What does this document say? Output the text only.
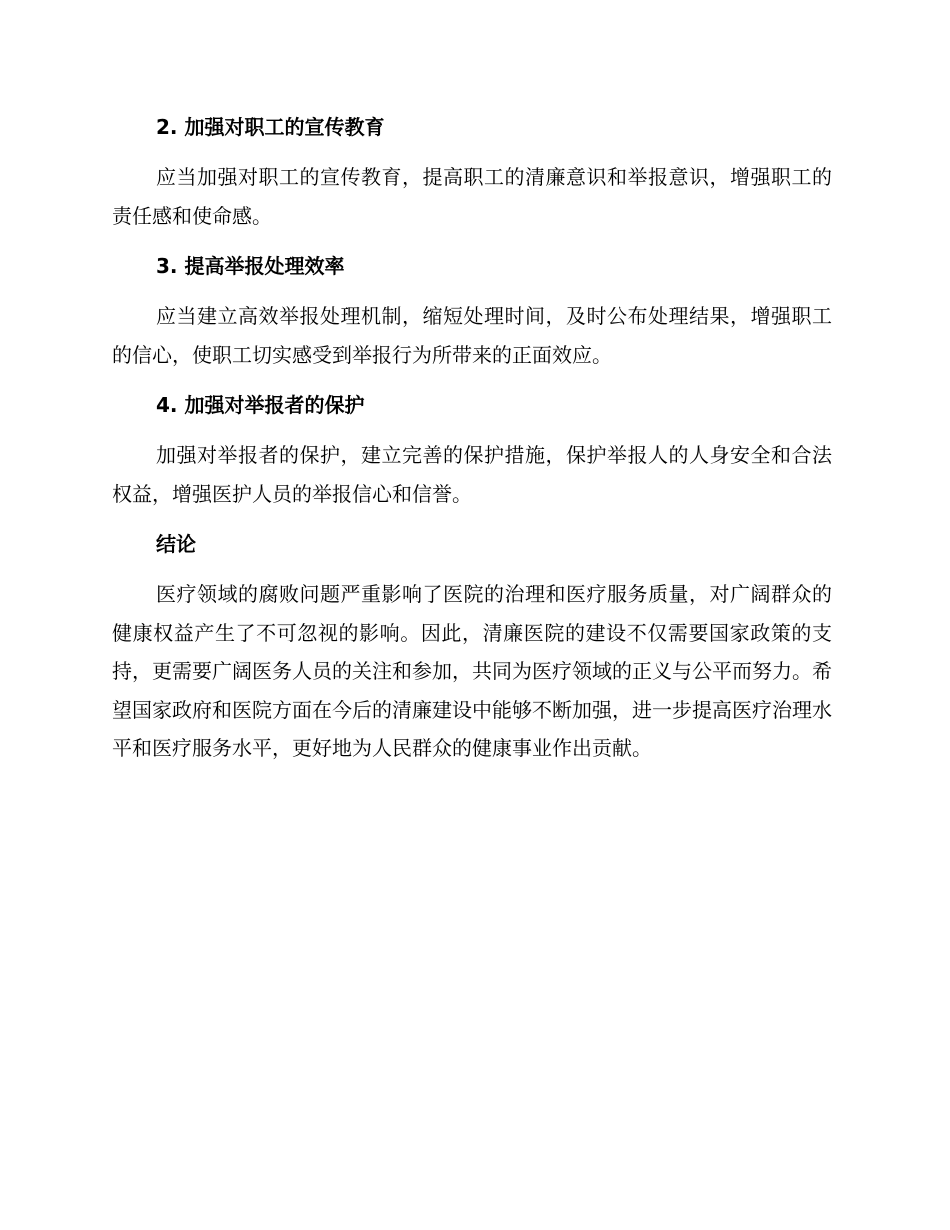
2. 加强对职工的宣传教育

应当加强对职工的宣传教育，提高职工的清廉意识和举报意识，增强职工的责任感和使命感。

3. 提高举报处理效率

应当建立高效举报处理机制，缩短处理时间，及时公布处理结果，增强职工的信心，使职工切实感受到举报行为所带来的正面效应。

4. 加强对举报者的保护

加强对举报者的保护，建立完善的保护措施，保护举报人的人身安全和合法权益，增强医护人员的举报信心和信誉。

结论

医疗领域的腐败问题严重影响了医院的治理和医疗服务质量，对广阔群众的健康权益产生了不可忽视的影响。因此，清廉医院的建设不仅需要国家政策的支持，更需要广阔医务人员的关注和参加，共同为医疗领域的正义与公平而努力。希望国家政府和医院方面在今后的清廉建设中能够不断加强，进一步提高医疗治理水平和医疗服务水平，更好地为人民群众的健康事业作出贡献。
